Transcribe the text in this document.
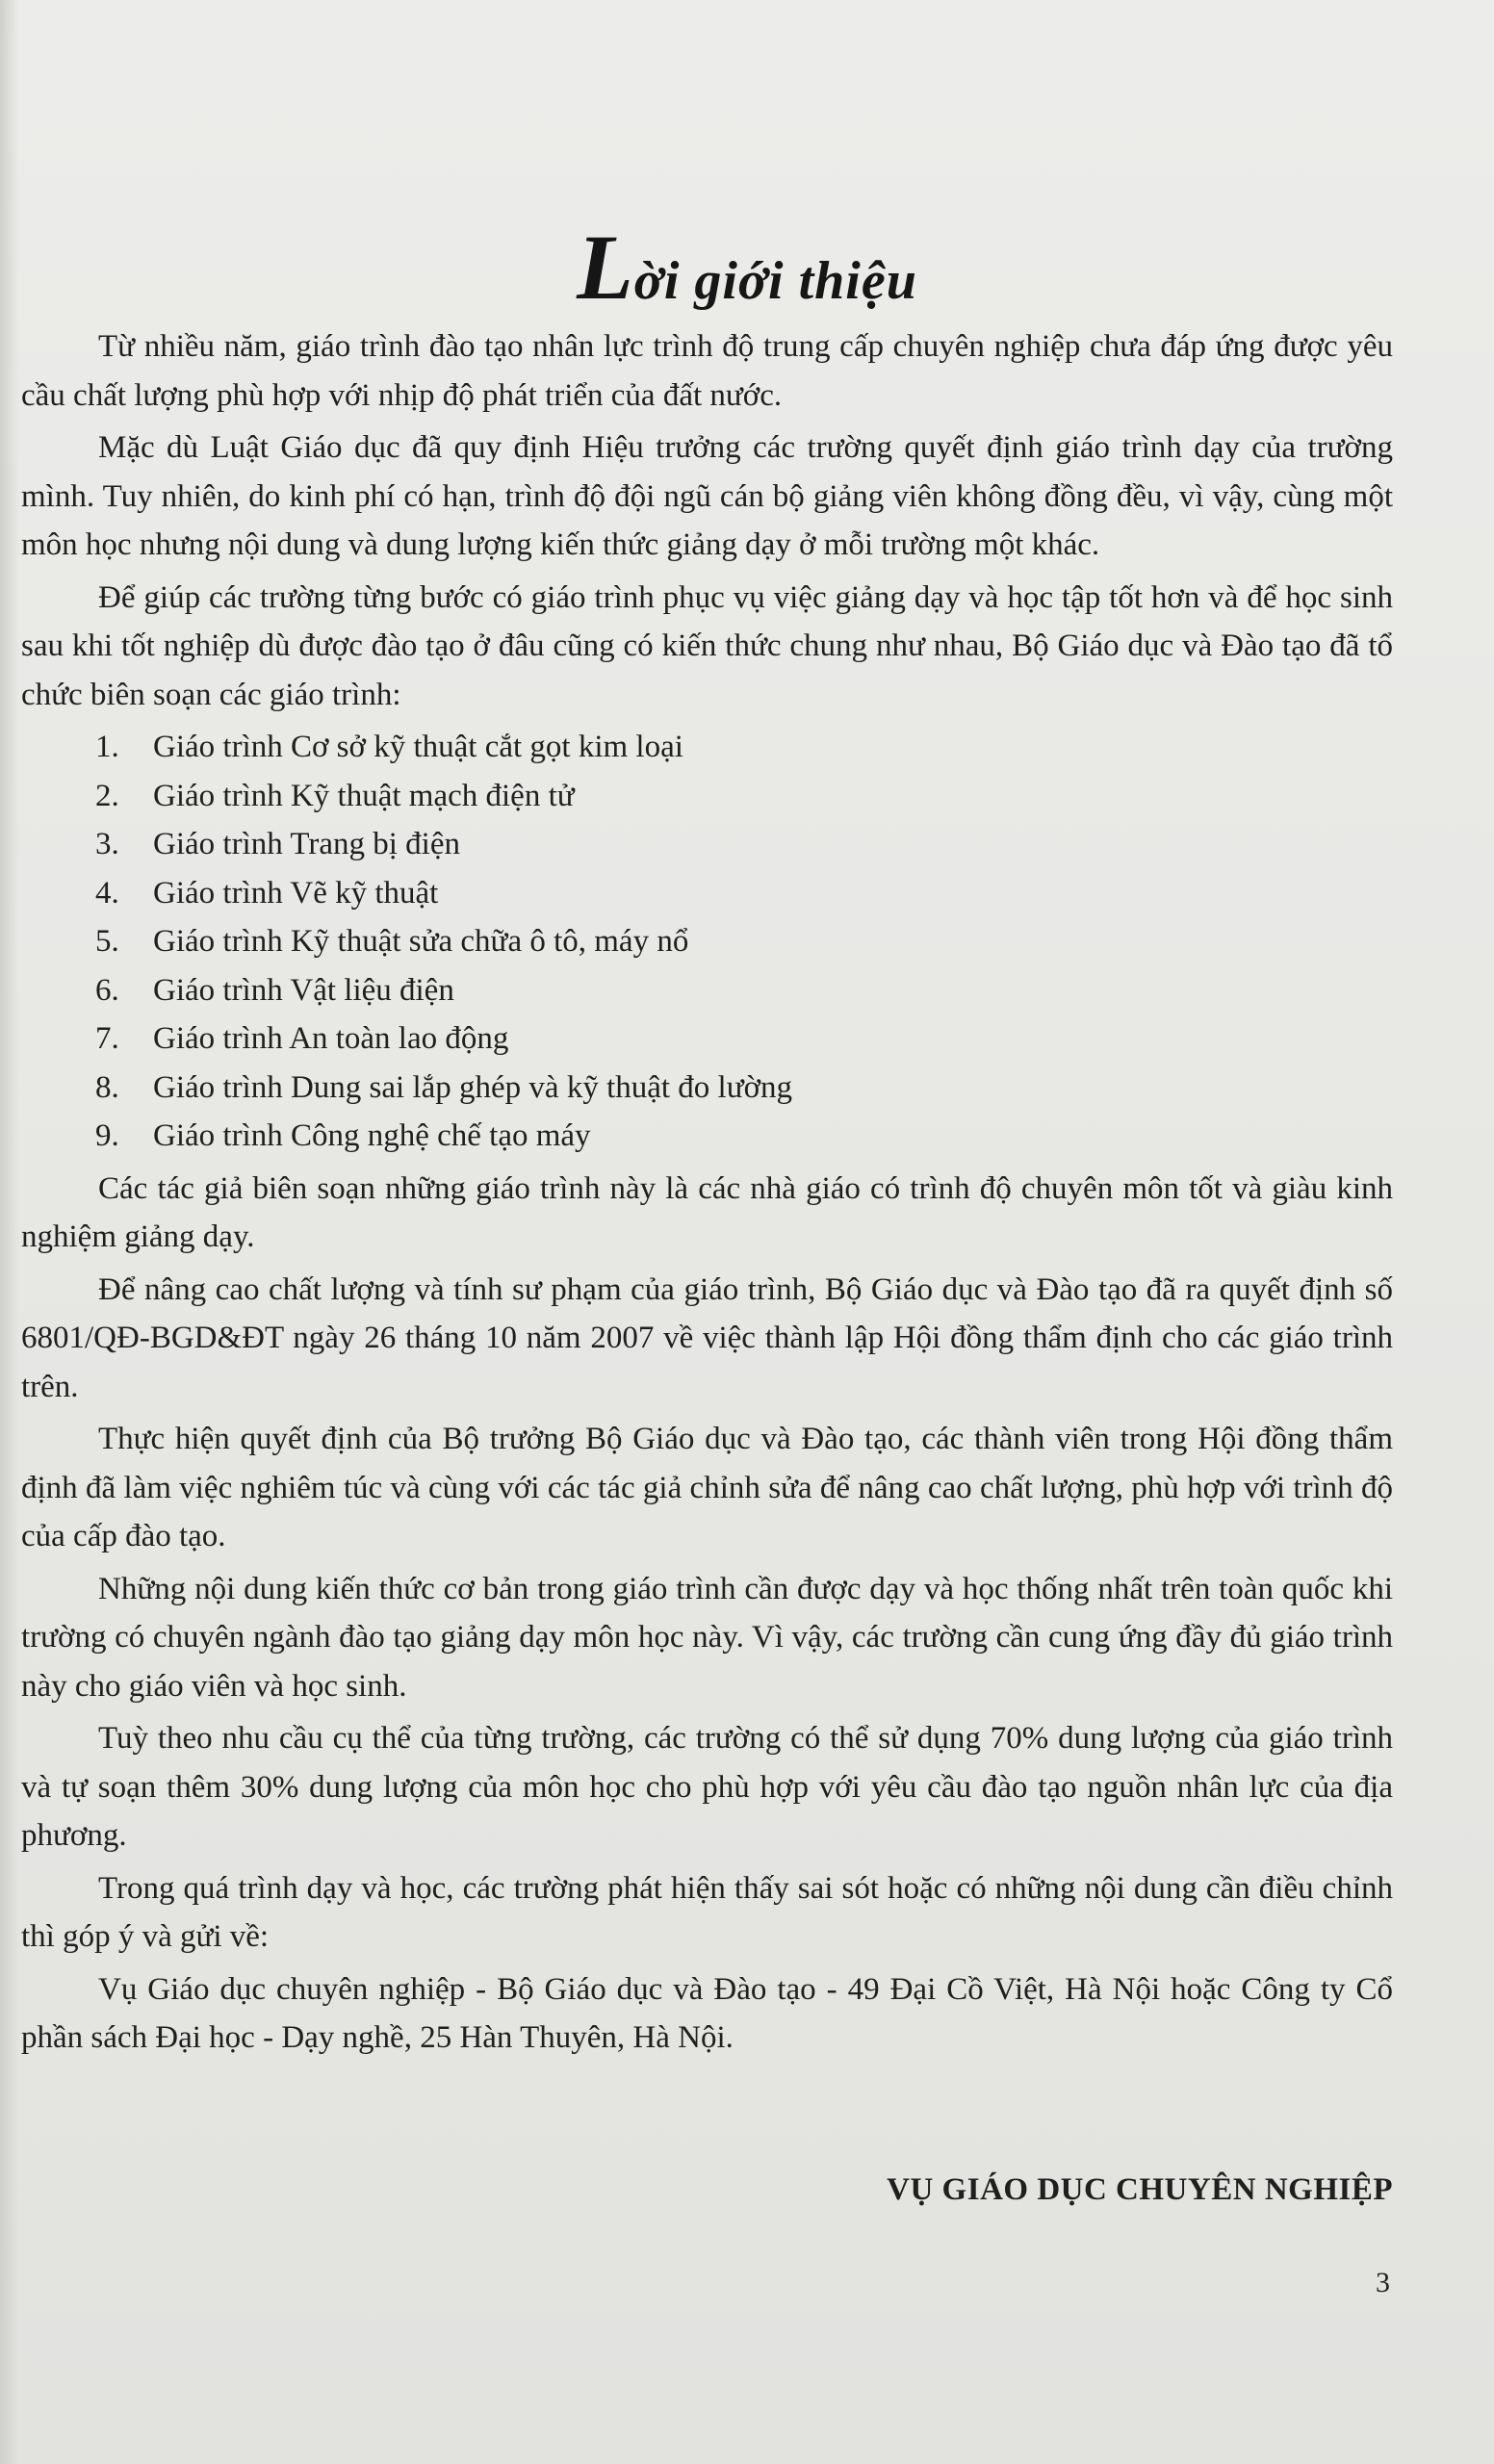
Lời giới thiệu

Từ nhiều năm, giáo trình đào tạo nhân lực trình độ trung cấp chuyên nghiệp chưa đáp ứng được yêu cầu chất lượng phù hợp với nhịp độ phát triển của đất nước.

Mặc dù Luật Giáo dục đã quy định Hiệu trưởng các trường quyết định giáo trình dạy của trường mình. Tuy nhiên, do kinh phí có hạn, trình độ đội ngũ cán bộ giảng viên không đồng đều, vì vậy, cùng một môn học nhưng nội dung và dung lượng kiến thức giảng dạy ở mỗi trường một khác.

Để giúp các trường từng bước có giáo trình phục vụ việc giảng dạy và học tập tốt hơn và để học sinh sau khi tốt nghiệp dù được đào tạo ở đâu cũng có kiến thức chung như nhau, Bộ Giáo dục và Đào tạo đã tổ chức biên soạn các giáo trình:

1. Giáo trình Cơ sở kỹ thuật cắt gọt kim loại
2. Giáo trình Kỹ thuật mạch điện tử
3. Giáo trình Trang bị điện
4. Giáo trình Vẽ kỹ thuật
5. Giáo trình Kỹ thuật sửa chữa ô tô, máy nổ
6. Giáo trình Vật liệu điện
7. Giáo trình An toàn lao động
8. Giáo trình Dung sai lắp ghép và kỹ thuật đo lường
9. Giáo trình Công nghệ chế tạo máy

Các tác giả biên soạn những giáo trình này là các nhà giáo có trình độ chuyên môn tốt và giàu kinh nghiệm giảng dạy.

Để nâng cao chất lượng và tính sư phạm của giáo trình, Bộ Giáo dục và Đào tạo đã ra quyết định số 6801/QĐ-BGD&ĐT ngày 26 tháng 10 năm 2007 về việc thành lập Hội đồng thẩm định cho các giáo trình trên.

Thực hiện quyết định của Bộ trưởng Bộ Giáo dục và Đào tạo, các thành viên trong Hội đồng thẩm định đã làm việc nghiêm túc và cùng với các tác giả chỉnh sửa để nâng cao chất lượng, phù hợp với trình độ của cấp đào tạo.

Những nội dung kiến thức cơ bản trong giáo trình cần được dạy và học thống nhất trên toàn quốc khi trường có chuyên ngành đào tạo giảng dạy môn học này. Vì vậy, các trường cần cung ứng đầy đủ giáo trình này cho giáo viên và học sinh.

Tuỳ theo nhu cầu cụ thể của từng trường, các trường có thể sử dụng 70% dung lượng của giáo trình và tự soạn thêm 30% dung lượng của môn học cho phù hợp với yêu cầu đào tạo nguồn nhân lực của địa phương.

Trong quá trình dạy và học, các trường phát hiện thấy sai sót hoặc có những nội dung cần điều chỉnh thì góp ý và gửi về:

Vụ Giáo dục chuyên nghiệp - Bộ Giáo dục và Đào tạo - 49 Đại Cồ Việt, Hà Nội hoặc Công ty Cổ phần sách Đại học - Dạy nghề, 25 Hàn Thuyên, Hà Nội.

VỤ GIÁO DỤC CHUYÊN NGHIỆP
3
